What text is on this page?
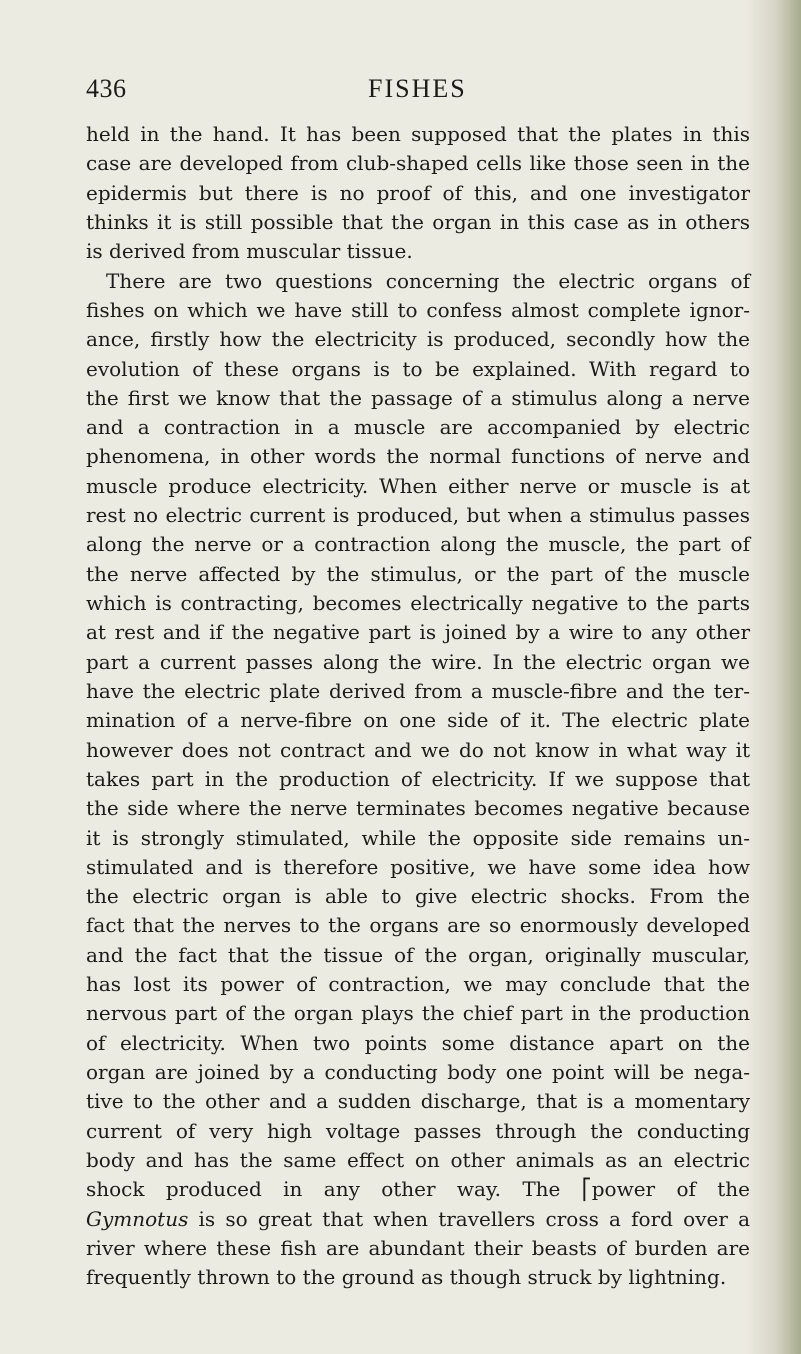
436	FISHES
held in the hand. It has been supposed that the plates in this
case are developed from club-shaped cells like those seen in the
epidermis but there is no proof of this, and one investigator
thinks it is still possible that the organ in this case as in others
is derived from muscular tissue.
There are two questions concerning the electric organs of
fishes on which we have still to confess almost complete ignor-
ance, firstly how the electricity is produced, secondly how the
evolution of these organs is to be explained. With regard to
the first we know that the passage of a stimulus along a nerve
and a contraction in a muscle are accompanied by electric
phenomena, in other words the normal functions of nerve and
muscle produce electricity. When either nerve or muscle is at
rest no electric current is produced, but when a stimulus passes
along the nerve or a contraction along the muscle, the part of
the nerve affected by the stimulus, or the part of the muscle
which is contracting, becomes electrically negative to the parts
at rest and if the negative part is joined by a wire to any other
part a current passes along the wire. In the electric organ we
have the electric plate derived from a muscle-fibre and the ter-
mination of a nerve-fibre on one side of it. The electric plate
however does not contract and we do not know in what way it
takes part in the production of electricity. If we suppose that
the side where the nerve terminates becomes negative because
it is strongly stimulated, while the opposite side remains un-
stimulated and is therefore positive, we have some idea how
the electric organ is able to give electric shocks. From the
fact that the nerves to the organs are so enormously developed
and the fact that the tissue of the organ, originally muscular,
has lost its power of contraction, we may conclude that the
nervous part of the organ plays the chief part in the production
of electricity. When two points some distance apart on the
organ are joined by a conducting body one point will be nega-
tive to the other and a sudden discharge, that is a momentary
current of very high voltage passes through the conducting
body and has the same effect on other animals as an electric
shock produced in any other way. The ⎡power of the
Gymnotus is so great that when travellers cross a ford over a
river where these fish are abundant their beasts of burden are
frequently thrown to the ground as though struck by lightning.
